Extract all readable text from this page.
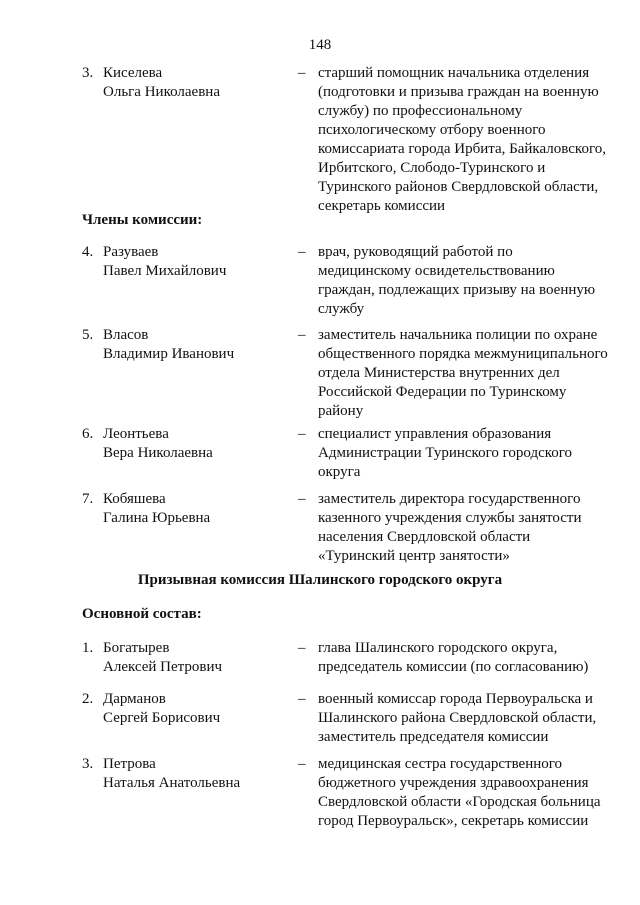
148
3. Киселева
Ольга Николаевна
– старший помощник начальника отделения
(подготовки и призыва граждан на военную
службу) по профессиональному
психологическому отбору военного
комиссариата города Ирбита, Байкаловского,
Ирбитского, Слободо-Туринского и
Туринского районов Свердловской области,
секретарь комиссии
Члены комиссии:
4. Разуваев
Павел Михайлович
– врач, руководящий работой по
медицинскому освидетельствованию
граждан, подлежащих призыву на военную
службу
5. Власов
Владимир Иванович
– заместитель начальника полиции по охране
общественного порядка межмуниципального
отдела Министерства внутренних дел
Российской Федерации по Туринскому
району
6. Леонтьева
Вера Николаевна
– специалист управления образования
Администрации Туринского городского
округа
7. Кобяшева
Галина Юрьевна
– заместитель директора государственного
казенного учреждения службы занятости
населения Свердловской области
«Туринский центр занятости»
Призывная комиссия Шалинского городского округа
Основной состав:
1. Богатырев
Алексей Петрович
– глава Шалинского городского округа,
председатель комиссии (по согласованию)
2. Дарманов
Сергей Борисович
– военный комиссар города Первоуральска и
Шалинского района Свердловской области,
заместитель председателя комиссии
3. Петрова
Наталья Анатольевна
– медицинская сестра государственного
бюджетного учреждения здравоохранения
Свердловской области «Городская больница
город Первоуральск», секретарь комиссии
